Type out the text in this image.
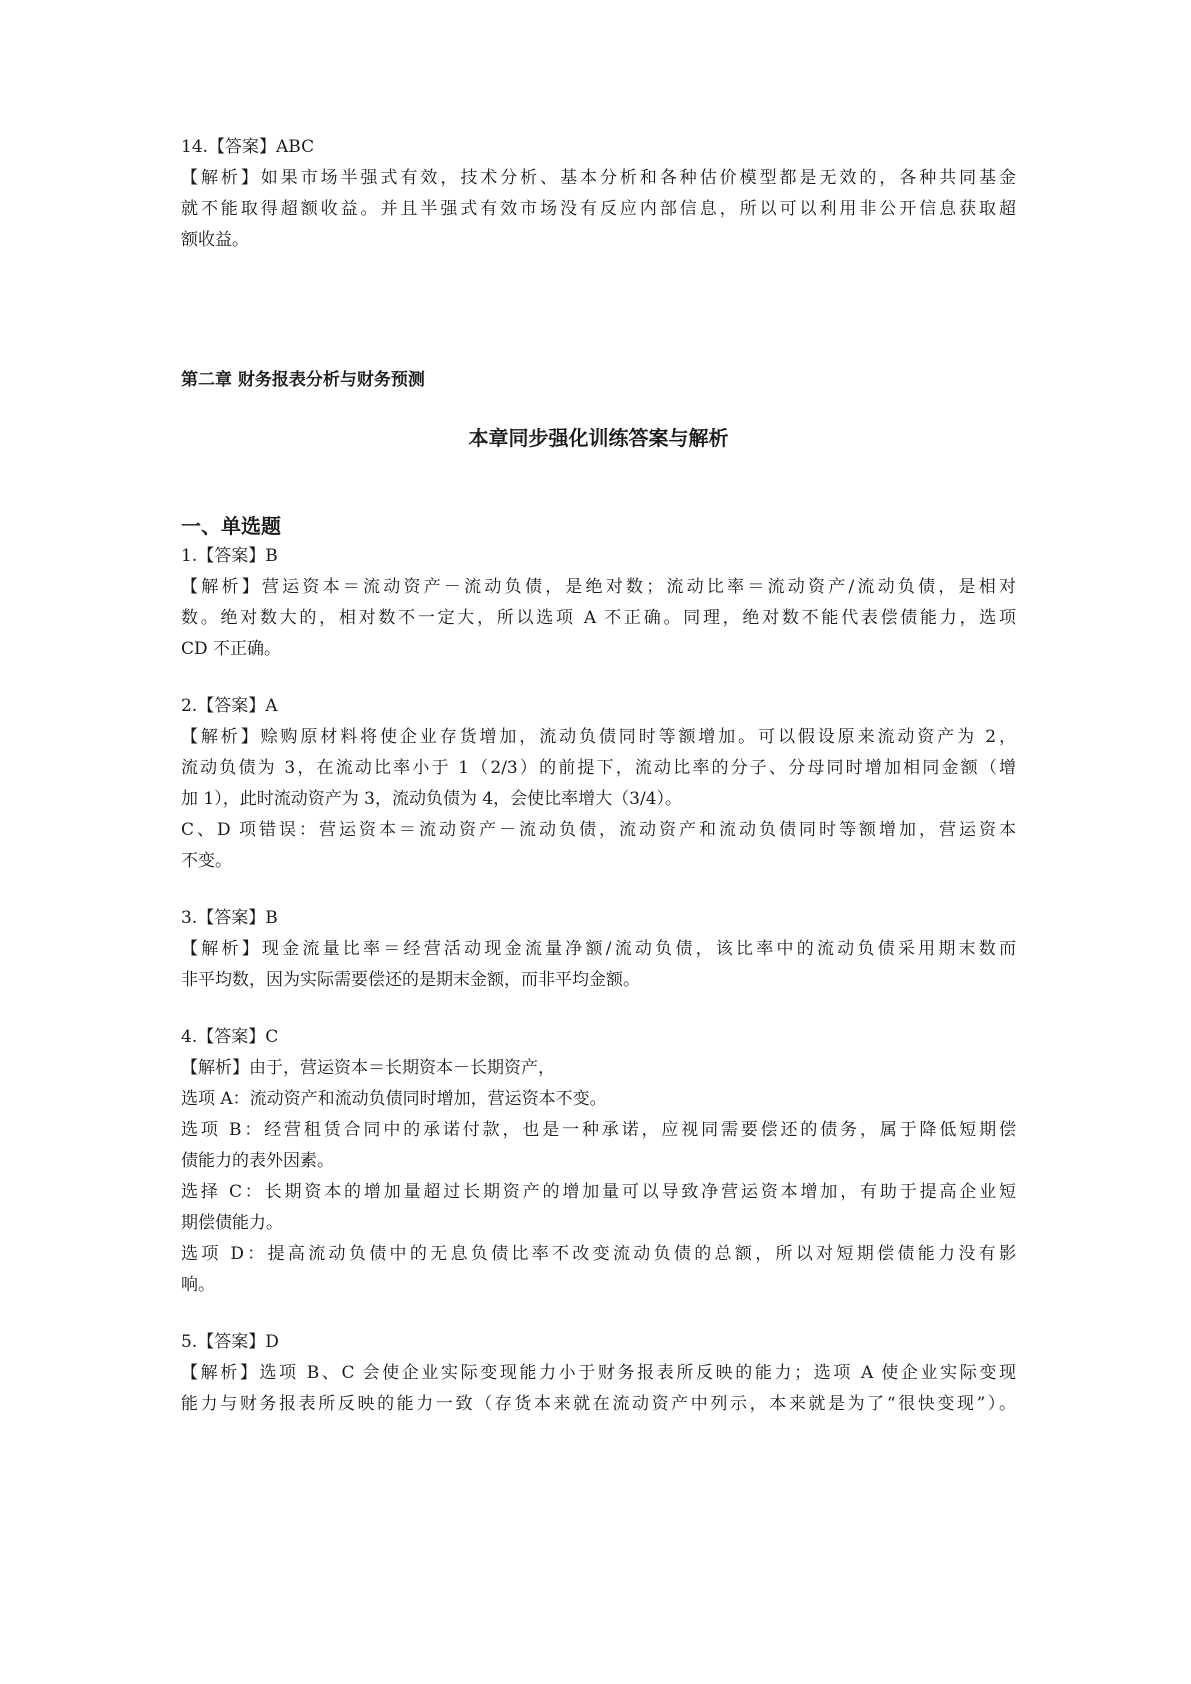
14.【答案】ABC
【解析】如果市场半强式有效，技术分析、基本分析和各种估价模型都是无效的，各种共同基金
就不能取得超额收益。并且半强式有效市场没有反应内部信息，所以可以利用非公开信息获取超
额收益。
第二章 财务报表分析与财务预测
本章同步强化训练答案与解析
一、单选题
1.【答案】B
【解析】营运资本＝流动资产－流动负债，是绝对数；流动比率＝流动资产/流动负债，是相对
数。绝对数大的，相对数不一定大，所以选项 A 不正确。同理，绝对数不能代表偿债能力，选项
CD 不正确。
2.【答案】A
【解析】赊购原材料将使企业存货增加，流动负债同时等额增加。可以假设原来流动资产为 2，
流动负债为 3，在流动比率小于 1（2/3）的前提下，流动比率的分子、分母同时增加相同金额（增
加 1），此时流动资产为 3，流动负债为 4，会使比率增大（3/4）。
C、D 项错误：营运资本＝流动资产－流动负债，流动资产和流动负债同时等额增加，营运资本
不变。
3.【答案】B
【解析】现金流量比率＝经营活动现金流量净额/流动负债，该比率中的流动负债采用期末数而
非平均数，因为实际需要偿还的是期末金额，而非平均金额。
4.【答案】C
【解析】由于，营运资本＝长期资本－长期资产，
选项 A：流动资产和流动负债同时增加，营运资本不变。
选项 B：经营租赁合同中的承诺付款，也是一种承诺，应视同需要偿还的债务，属于降低短期偿
债能力的表外因素。
选择 C：长期资本的增加量超过长期资产的增加量可以导致净营运资本增加，有助于提高企业短
期偿债能力。
选项 D：提高流动负债中的无息负债比率不改变流动负债的总额，所以对短期偿债能力没有影
响。
5.【答案】D
【解析】选项 B、C 会使企业实际变现能力小于财务报表所反映的能力；选项 A 使企业实际变现
能力与财务报表所反映的能力一致（存货本来就在流动资产中列示，本来就是为了“很快变现”）。
